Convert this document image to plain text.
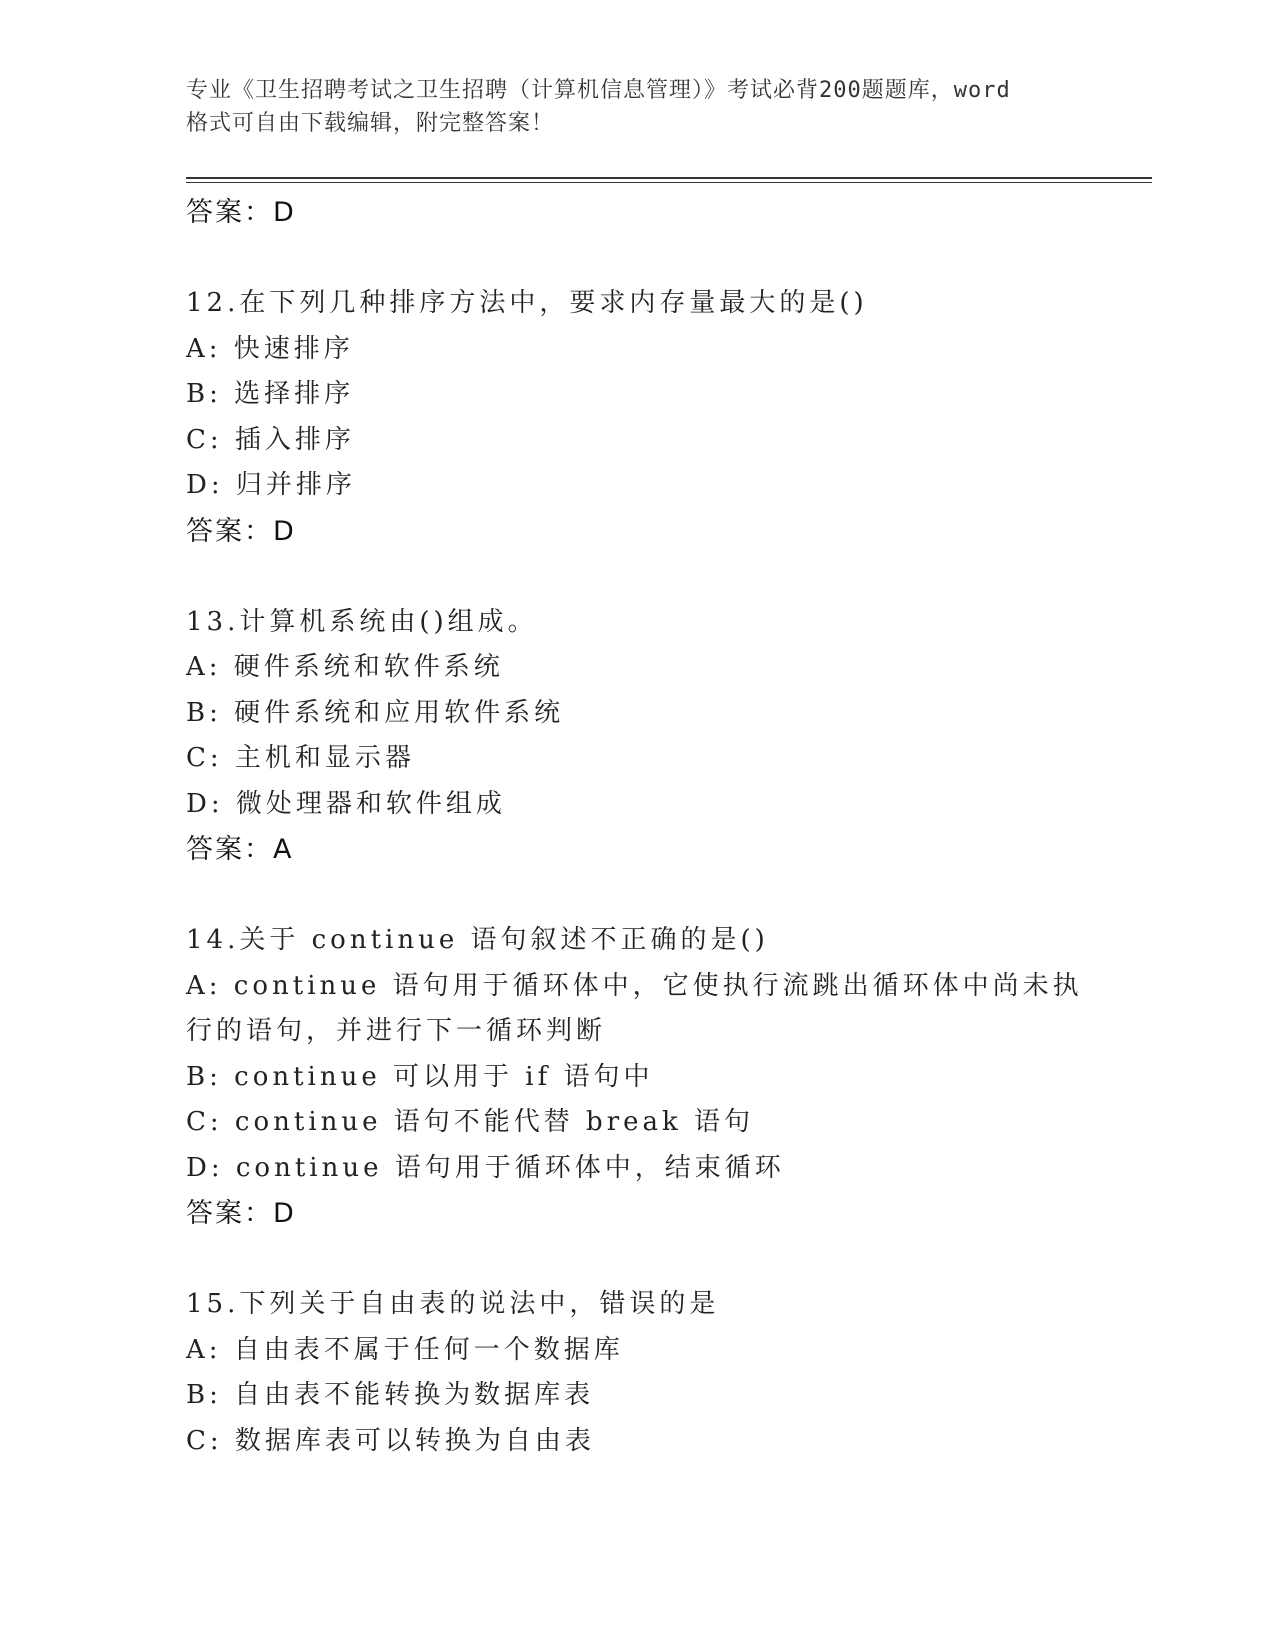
专业《卫生招聘考试之卫生招聘（计算机信息管理）》考试必背200题题库，word
格式可自由下载编辑，附完整答案！
答案：D
12.在下列几种排序方法中，要求内存量最大的是()
A: 快速排序
B: 选择排序
C: 插入排序
D: 归并排序
答案：D
13.计算机系统由()组成。
A: 硬件系统和软件系统
B: 硬件系统和应用软件系统
C: 主机和显示器
D: 微处理器和软件组成
答案：A
14.关于 continue 语句叙述不正确的是()
A: continue 语句用于循环体中，它使执行流跳出循环体中尚未执行的语句，并进行下一循环判断
B: continue 可以用于 if 语句中
C: continue 语句不能代替 break 语句
D: continue 语句用于循环体中，结束循环
答案：D
15.下列关于自由表的说法中，错误的是
A: 自由表不属于任何一个数据库
B: 自由表不能转换为数据库表
C: 数据库表可以转换为自由表
